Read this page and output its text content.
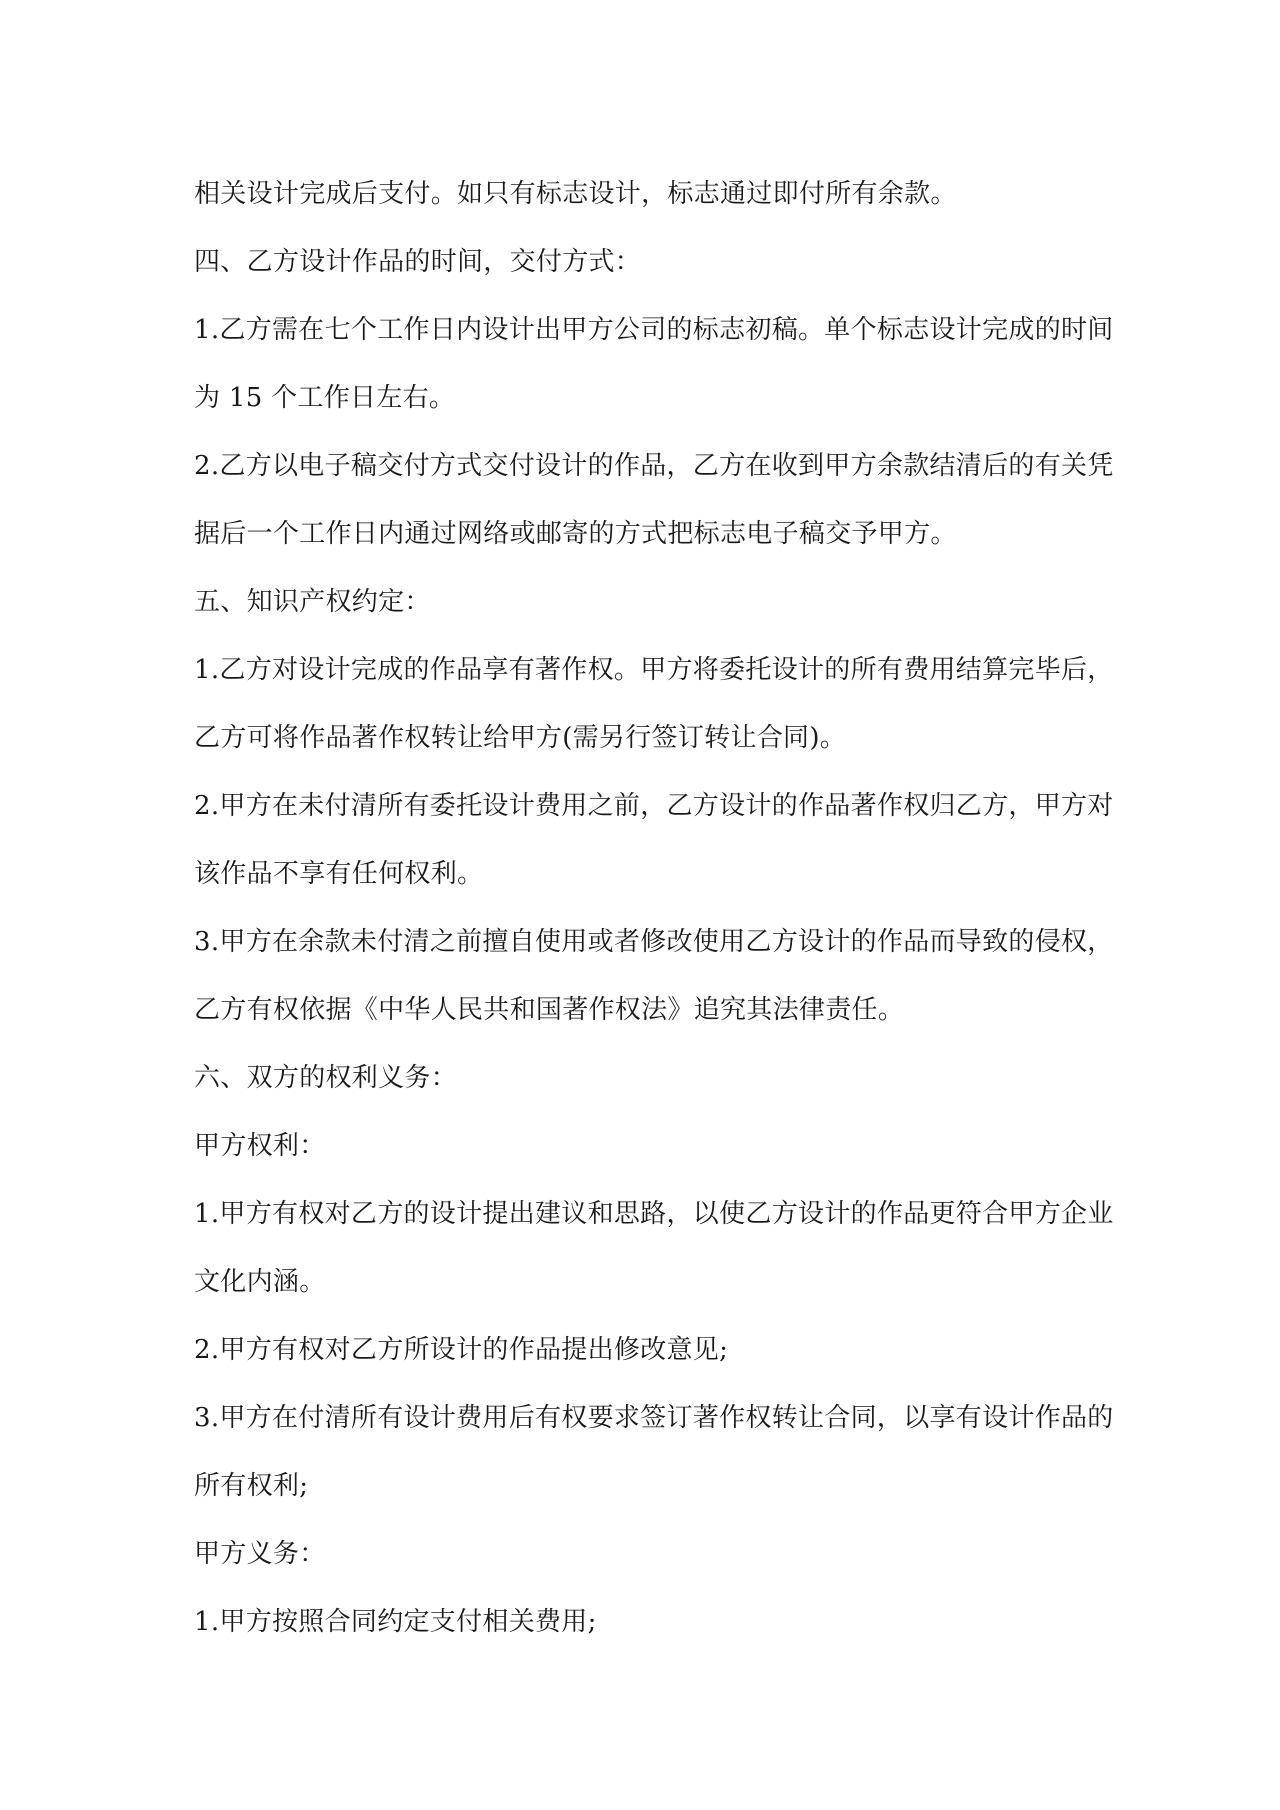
相关设计完成后支付。如只有标志设计，标志通过即付所有余款。
四、乙方设计作品的时间，交付方式：
1.乙方需在七个工作日内设计出甲方公司的标志初稿。单个标志设计完成的时间
为 15 个工作日左右。
2.乙方以电子稿交付方式交付设计的作品，乙方在收到甲方余款结清后的有关凭
据后一个工作日内通过网络或邮寄的方式把标志电子稿交予甲方。
五、知识产权约定：
1.乙方对设计完成的作品享有著作权。甲方将委托设计的所有费用结算完毕后，
乙方可将作品著作权转让给甲方(需另行签订转让合同)。
2.甲方在未付清所有委托设计费用之前，乙方设计的作品著作权归乙方，甲方对
该作品不享有任何权利。
3.甲方在余款未付清之前擅自使用或者修改使用乙方设计的作品而导致的侵权，
乙方有权依据《中华人民共和国著作权法》追究其法律责任。
六、双方的权利义务：
甲方权利：
1.甲方有权对乙方的设计提出建议和思路，以使乙方设计的作品更符合甲方企业
文化内涵。
2.甲方有权对乙方所设计的作品提出修改意见;
3.甲方在付清所有设计费用后有权要求签订著作权转让合同，以享有设计作品的
所有权利;
甲方义务：
1.甲方按照合同约定支付相关费用;
